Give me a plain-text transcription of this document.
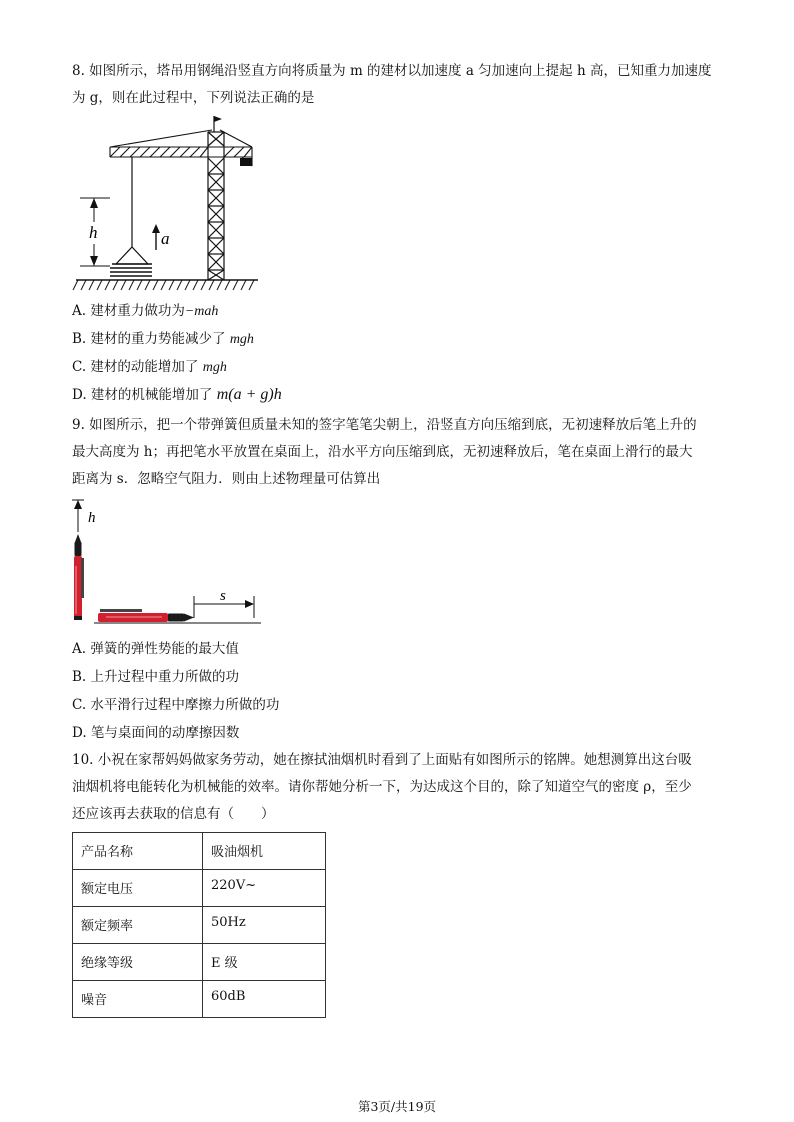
8. 如图所示，塔吊用钢绳沿竖直方向将质量为 m 的建材以加速度 a 匀加速向上提起 h 高，已知重力加速度
为 g，则在此过程中，下列说法正确的是
h	a
A. 建材重力做功为−mah
B. 建材的重力势能减少了 mgh
C. 建材的动能增加了 mgh
D. 建材的机械能增加了 m(a + g)h
9. 如图所示，把一个带弹簧但质量未知的签字笔笔尖朝上，沿竖直方向压缩到底，无初速释放后笔上升的
最大高度为 h；再把笔水平放置在桌面上，沿水平方向压缩到底，无初速释放后，笔在桌面上滑行的最大
距离为 s．忽略空气阻力．则由上述物理量可估算出
h
s
A. 弹簧的弹性势能的最大值
B. 上升过程中重力所做的功
C. 水平滑行过程中摩擦力所做的功
D. 笔与桌面间的动摩擦因数
10. 小祝在家帮妈妈做家务劳动，她在擦拭油烟机时看到了上面贴有如图所示的铭牌。她想测算出这台吸
油烟机将电能转化为机械能的效率。请你帮她分析一下，为达成这个目的，除了知道空气的密度 ρ，至少
还应该再去获取的信息有（　　）
产品名称	吸油烟机
额定电压	220V~
额定频率	50Hz
绝缘等级	E 级
噪音	60dB
第3页/共19页
